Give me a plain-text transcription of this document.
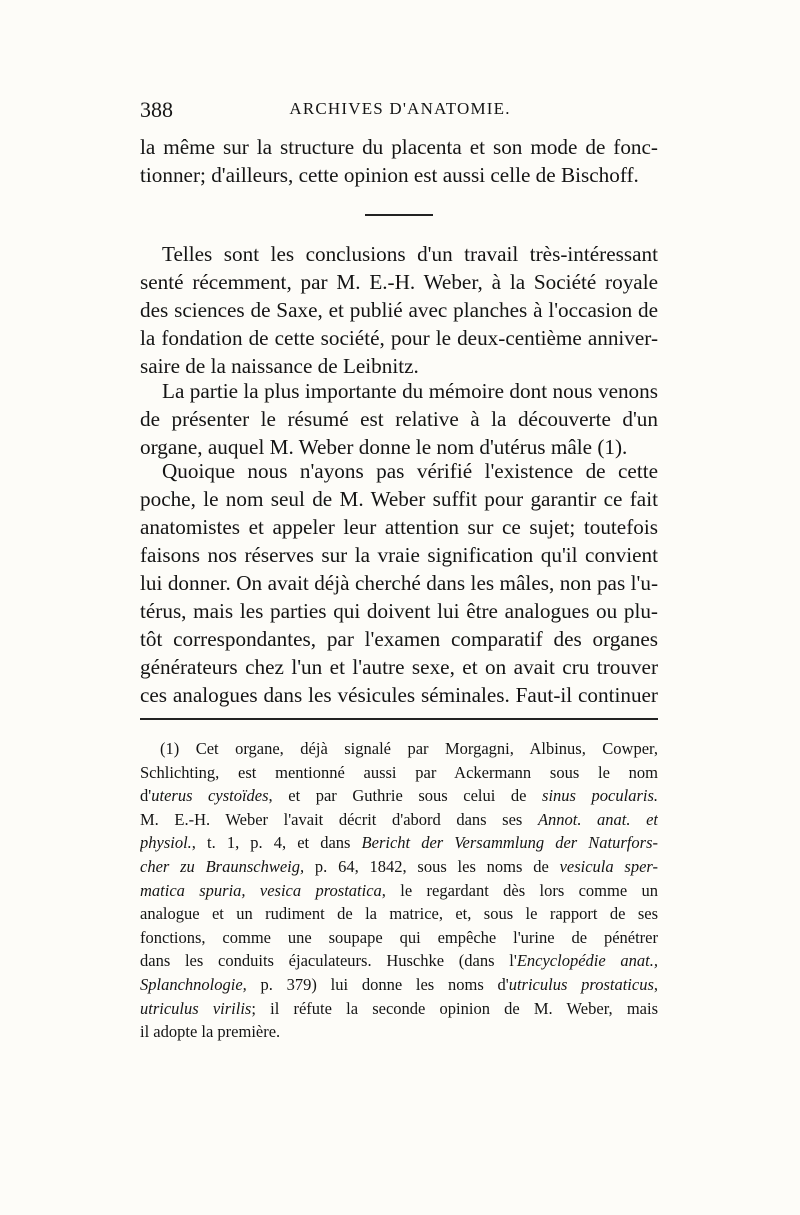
388	ARCHIVES D'ANATOMIE.
la même sur la structure du placenta et son mode de fonc-
tionner; d'ailleurs, cette opinion est aussi celle de Bischoff.
Telles sont les conclusions d'un travail très-intéressant
senté récemment, par M. E.-H. Weber, à la Société royale
des sciences de Saxe, et publié avec planches à l'occasion de
la fondation de cette société, pour le deux-centième anniver-
saire de la naissance de Leibnitz.
La partie la plus importante du mémoire dont nous venons
de présenter le résumé est relative à la découverte d'un
organe, auquel M. Weber donne le nom d'utérus mâle (1).
Quoique nous n'ayons pas vérifié l'existence de cette
poche, le nom seul de M. Weber suffit pour garantir ce fait
anatomistes et appeler leur attention sur ce sujet; toutefois
faisons nos réserves sur la vraie signification qu'il convient
lui donner. On avait déjà cherché dans les mâles, non pas l'u-
térus, mais les parties qui doivent lui être analogues ou plu-
tôt correspondantes, par l'examen comparatif des organes
générateurs chez l'un et l'autre sexe, et on avait cru trouver
ces analogues dans les vésicules séminales. Faut-il continuer
(1) Cet organe, déjà signalé par Morgagni, Albinus, Cowper,
Schlichting, est mentionné aussi par Ackermann sous le nom
d'uterus cystoïdes, et par Guthrie sous celui de sinus pocularis.
M. E.-H. Weber l'avait décrit d'abord dans ses Annot. anat. et
physiol., t. 1, p. 4, et dans Bericht der Versammlung der Naturfors-
cher zu Braunschweig, p. 64, 1842, sous les noms de vesicula sper-
matica spuria, vesica prostatica, le regardant dès lors comme un
analogue et un rudiment de la matrice, et, sous le rapport de ses
fonctions, comme une soupape qui empêche l'urine de pénétrer
dans les conduits éjaculateurs. Huschke (dans l'Encyclopédie anat.,
Splanchnologie, p. 379) lui donne les noms d'utriculus prostaticus,
utriculus virilis; il réfute la seconde opinion de M. Weber, mais
il adopte la première.
